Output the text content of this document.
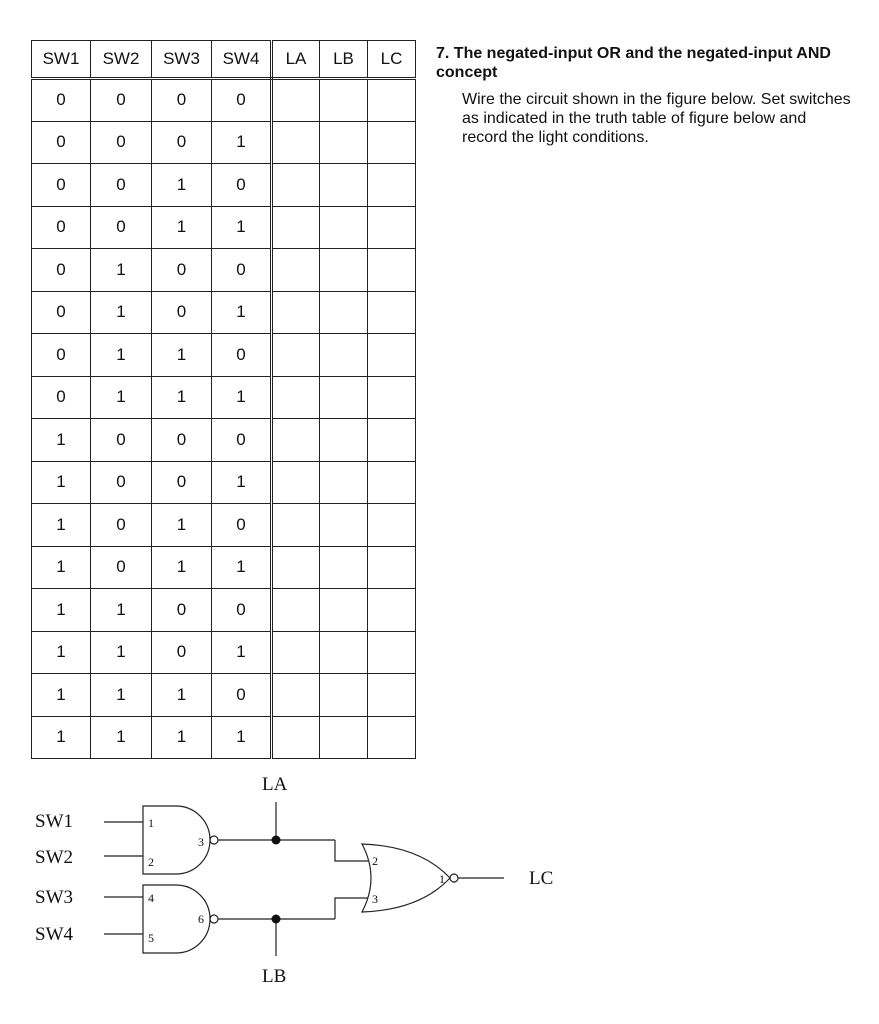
SW1	SW2	SW3	SW4	LA	LB	LC
0	0	0	0			
0	0	0	1			
0	0	1	0			
0	0	1	1			
0	1	0	0			
0	1	0	1			
0	1	1	0			
0	1	1	1			
1	0	0	0			
1	0	0	1			
1	0	1	0			
1	0	1	1			
1	1	0	0			
1	1	0	1			
1	1	1	0			
1	1	1	1			

7. The negated-input OR and the negated-input AND concept

Wire the circuit shown in the figure below. Set switches as indicated in the truth table of figure below and record the light conditions.

SW1
SW2
SW3
SW4
LA
LB
LC
1
2
3
4
5
6
2
3
1
